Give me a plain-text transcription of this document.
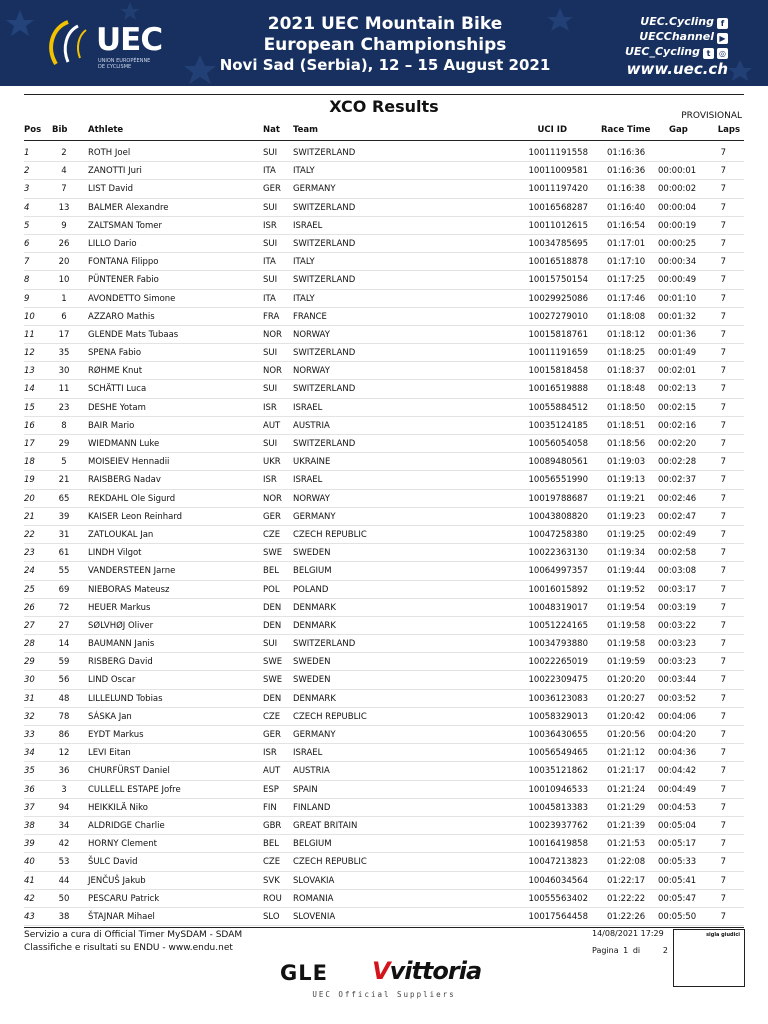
UEC
UNION EUROPÉENNE DE CYCLISME
2021 UEC Mountain Bike
European Championships
Novi Sad (Serbia), 12 – 15 August 2021
UEC.Cycling f
UECChannel ▶
UEC_Cycling t ◎
www.uec.ch
XCO Results	PROVISIONAL
Pos	Bib Athlete	Nat Team	UCI ID	Race Time Gap	Laps
1	2	ROTH Joel	SUI SWITZERLAND	10011191558 01:16:36	7
2	4	ZANOTTI Juri	ITA ITALY	10011009581 01:16:36 00:00:01	7
3	7	LIST David	GER GERMANY	10011197420 01:16:38 00:00:02	7
4	13	BALMER Alexandre	SUI SWITZERLAND	10016568287 01:16:40 00:00:04	7
5	9	ZALTSMAN Tomer	ISR ISRAEL	10011012615 01:16:54 00:00:19	7
6	26	LILLO Dario	SUI SWITZERLAND	10034785695 01:17:01 00:00:25	7
7	20	FONTANA Filippo	ITA ITALY	10016518878 01:17:10 00:00:34	7
8	10	PÜNTENER Fabio	SUI SWITZERLAND	10015750154 01:17:25 00:00:49	7
9	1	AVONDETTO Simone	ITA ITALY	10029925086 01:17:46 00:01:10	7
10	6	AZZARO Mathis	FRA FRANCE	10027279010 01:18:08 00:01:32	7
11	17	GLENDE Mats Tubaas	NOR NORWAY	10015818761 01:18:12 00:01:36	7
12	35	SPENA Fabio	SUI SWITZERLAND	10011191659 01:18:25 00:01:49	7
13	30	RØHME Knut	NOR NORWAY	10015818458 01:18:37 00:02:01	7
14	11	SCHÄTTI Luca	SUI SWITZERLAND	10016519888 01:18:48 00:02:13	7
15	23	DESHE Yotam	ISR ISRAEL	10055884512 01:18:50 00:02:15	7
16	8	BAIR Mario	AUT AUSTRIA	10035124185 01:18:51 00:02:16	7
17	29	WIEDMANN Luke	SUI SWITZERLAND	10056054058 01:18:56 00:02:20	7
18	5	MOISEIEV Hennadii	UKR UKRAINE	10089480561 01:19:03 00:02:28	7
19	21	RAISBERG Nadav	ISR ISRAEL	10056551990 01:19:13 00:02:37	7
20	65	REKDAHL Ole Sigurd	NOR NORWAY	10019788687 01:19:21 00:02:46	7
21	39	KAISER Leon Reinhard	GER GERMANY	10043808820 01:19:23 00:02:47	7
22	31	ZATLOUKAL Jan	CZE CZECH REPUBLIC	10047258380 01:19:25 00:02:49	7
23	61	LINDH Vilgot	SWE SWEDEN	10022363130 01:19:34 00:02:58	7
24	55	VANDERSTEEN Jarne	BEL BELGIUM	10064997357 01:19:44 00:03:08	7
25	69	NIEBORAS Mateusz	POL POLAND	10016015892 01:19:52 00:03:17	7
26	72	HEUER Markus	DEN DENMARK	10048319017 01:19:54 00:03:19	7
27	27	SØLVHØJ Oliver	DEN DENMARK	10051224165 01:19:58 00:03:22	7
28	14	BAUMANN Janis	SUI SWITZERLAND	10034793880 01:19:58 00:03:23	7
29	59	RISBERG David	SWE SWEDEN	10022265019 01:19:59 00:03:23	7
30	56	LIND Oscar	SWE SWEDEN	10022309475 01:20:20 00:03:44	7
31	48	LILLELUND Tobias	DEN DENMARK	10036123083 01:20:27 00:03:52	7
32	78	SÁSKA Jan	CZE CZECH REPUBLIC	10058329013 01:20:42 00:04:06	7
33	86	EYDT Markus	GER GERMANY	10036430655 01:20:56 00:04:20	7
34	12	LEVI Eitan	ISR ISRAEL	10056549465 01:21:12 00:04:36	7
35	36	CHURFÜRST Daniel	AUT AUSTRIA	10035121862 01:21:17 00:04:42	7
36	3	CULLELL ESTAPE Jofre	ESP SPAIN	10010946533 01:21:24 00:04:49	7
37	94	HEIKKILÄ Niko	FIN FINLAND	10045813383 01:21:29 00:04:53	7
38	34	ALDRIDGE Charlie	GBR GREAT BRITAIN	10023937762 01:21:39 00:05:04	7
39	42	HORNY Clement	BEL BELGIUM	10016419858 01:21:53 00:05:17	7
40	53	ŠULC David	CZE CZECH REPUBLIC	10047213823 01:22:08 00:05:33	7
41	44	JENČUŠ Jakub	SVK SLOVAKIA	10046034564 01:22:17 00:05:41	7
42	50	PESCARU Patrick	ROU ROMANIA	10055563402 01:22:22 00:05:47	7
43	38	ŠTAJNAR Mihael	SLO SLOVENIA	10017564458 01:22:26 00:05:50	7
Servizio a cura di Official Timer MySDAM - SDAM
Classifiche e risultati su ENDU - www.endu.net
14/08/2021 17:29
Pagina 1 di	2
sigla giudici
GLE Vvittoria
UEC Official Suppliers
